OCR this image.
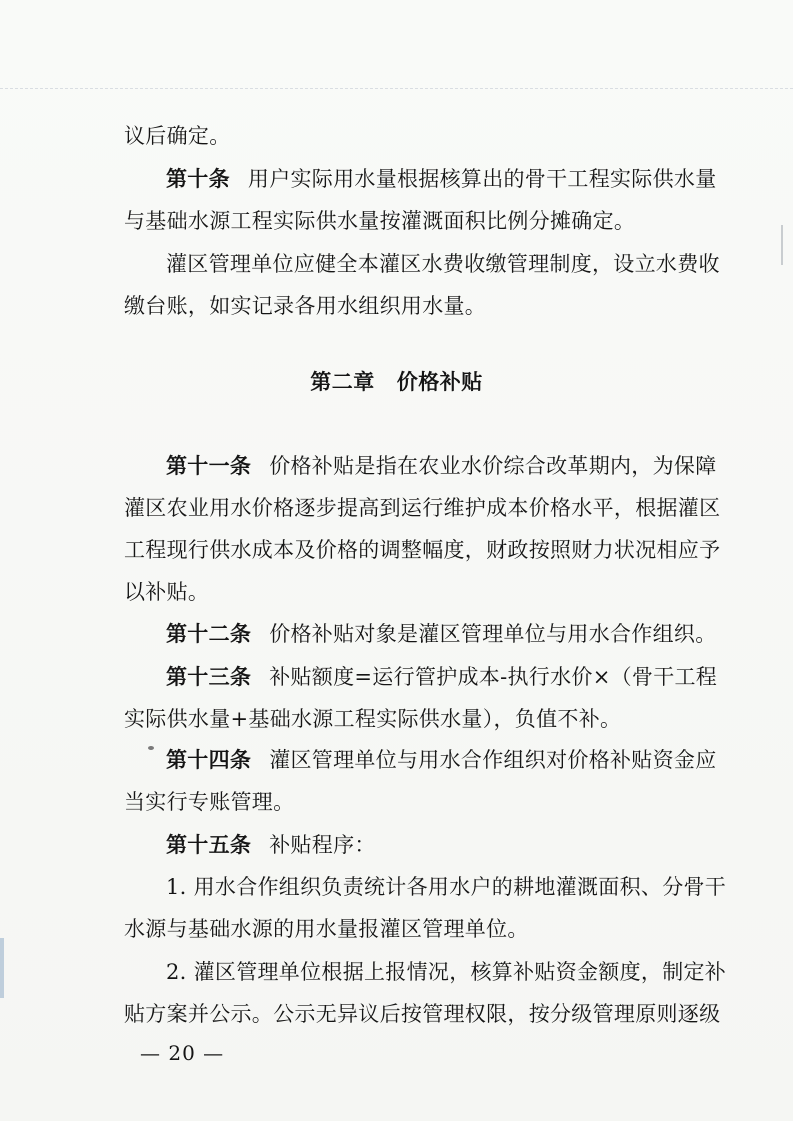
议后确定。
第十条 用户实际用水量根据核算出的骨干工程实际供水量
与基础水源工程实际供水量按灌溉面积比例分摊确定。
灌区管理单位应健全本灌区水费收缴管理制度，设立水费收
缴台账，如实记录各用水组织用水量。
第二章 价格补贴
第十一条 价格补贴是指在农业水价综合改革期内，为保障
灌区农业用水价格逐步提高到运行维护成本价格水平，根据灌区
工程现行供水成本及价格的调整幅度，财政按照财力状况相应予
以补贴。
第十二条 价格补贴对象是灌区管理单位与用水合作组织。
第十三条 补贴额度=运行管护成本-执行水价×（骨干工程
实际供水量+基础水源工程实际供水量），负值不补。
第十四条 灌区管理单位与用水合作组织对价格补贴资金应
当实行专账管理。
第十五条 补贴程序：
1. 用水合作组织负责统计各用水户的耕地灌溉面积、分骨干
水源与基础水源的用水量报灌区管理单位。
2. 灌区管理单位根据上报情况，核算补贴资金额度，制定补
贴方案并公示。公示无异议后按管理权限，按分级管理原则逐级
— 20 —
